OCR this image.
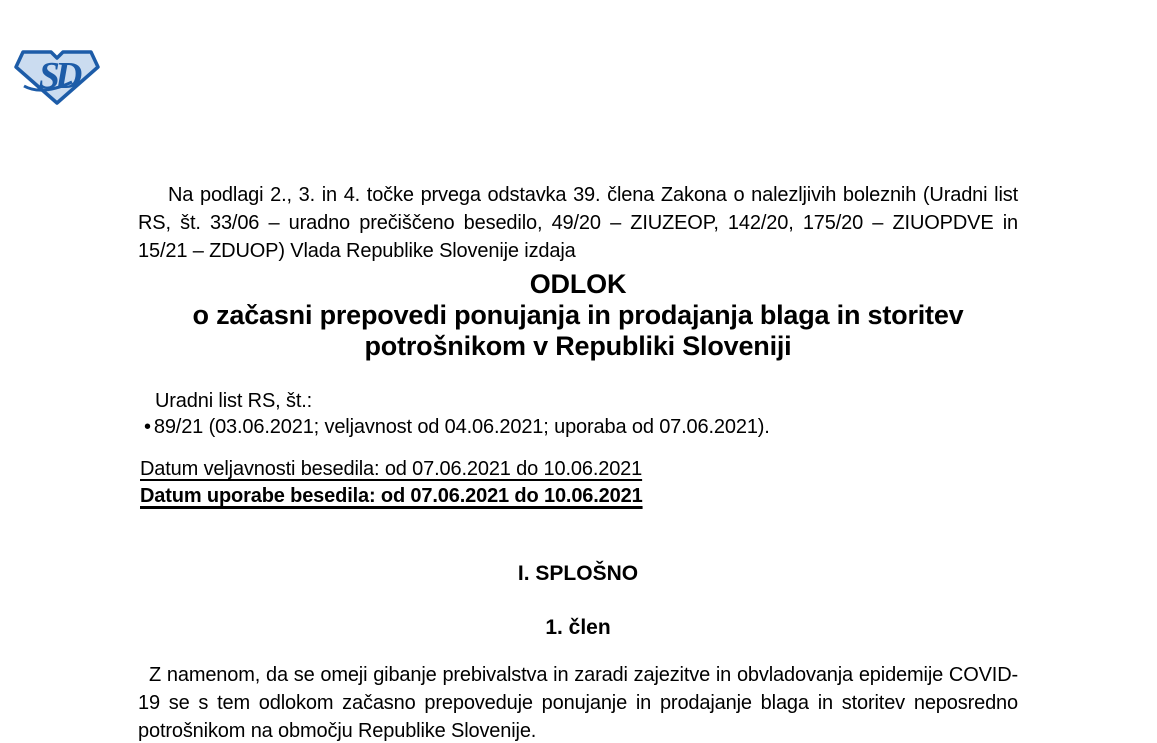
SD

Na podlagi 2., 3. in 4. točke prvega odstavka 39. člena Zakona o nalezljivih boleznih (Uradni list RS, št. 33/06 – uradno prečiščeno besedilo, 49/20 – ZIUZEOP, 142/20, 175/20 – ZIUOPDVE in 15/21 – ZDUOP) Vlada Republike Slovenije izdaja

ODLOK
o začasni prepovedi ponujanja in prodajanja blaga in storitev potrošnikom v Republiki Sloveniji
Uradni list RS, št.:
• 89/21 (03.06.2021; veljavnost od 04.06.2021; uporaba od 07.06.2021).
Datum veljavnosti besedila: od 07.06.2021 do 10.06.2021
Datum uporabe besedila: od 07.06.2021 do 10.06.2021
I. SPLOŠNO
1. člen

Z namenom, da se omeji gibanje prebivalstva in zaradi zajezitve in obvladovanja epidemije COVID-19 se s tem odlokom začasno prepoveduje ponujanje in prodajanje blaga in storitev neposredno potrošnikom na območju Republike Slovenije.
